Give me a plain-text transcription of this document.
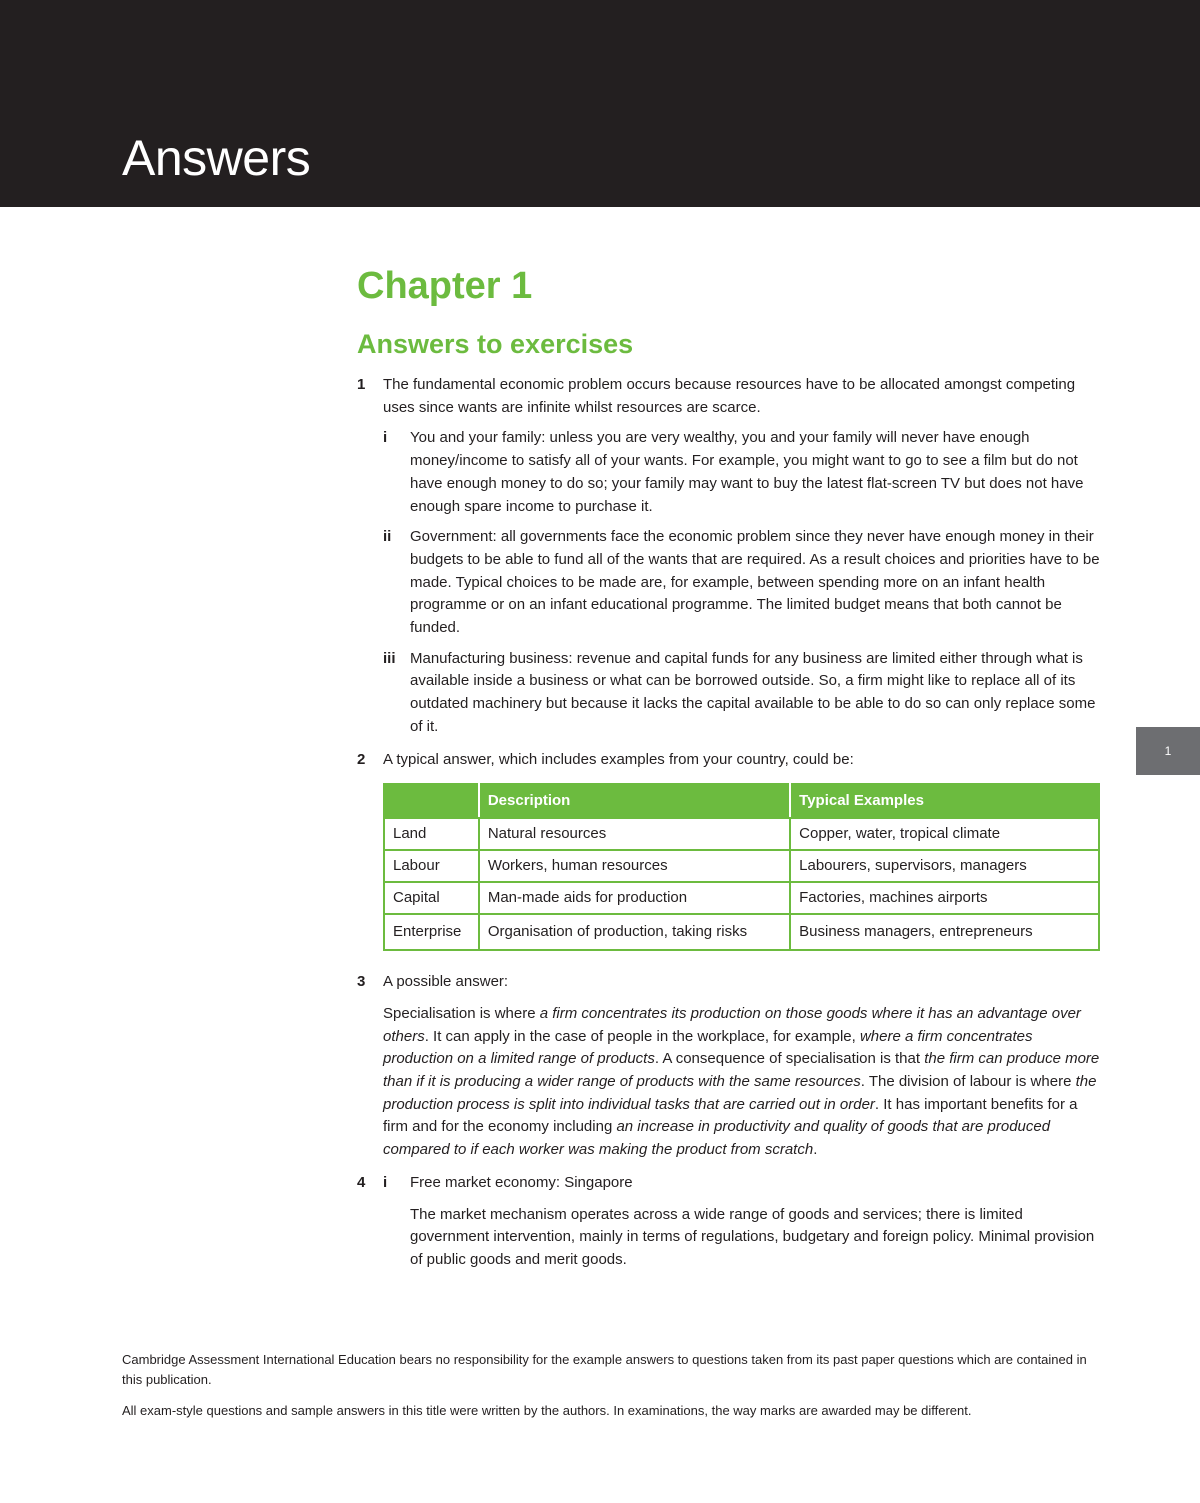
Answers
1
Chapter 1
Answers to exercises
1 The fundamental economic problem occurs because resources have to be allocated amongst competing uses since wants are infinite whilst resources are scarce.

i You and your family: unless you are very wealthy, you and your family will never have enough money/income to satisfy all of your wants. For example, you might want to go to see a film but do not have enough money to do so; your family may want to buy the latest flat-screen TV but does not have enough spare income to purchase it.

ii Government: all governments face the economic problem since they never have enough money in their budgets to be able to fund all of the wants that are required. As a result choices and priorities have to be made. Typical choices to be made are, for example, between spending more on an infant health programme or on an infant educational programme. The limited budget means that both cannot be funded.

iii Manufacturing business: revenue and capital funds for any business are limited either through what is available inside a business or what can be borrowed outside. So, a firm might like to replace all of its outdated machinery but because it lacks the capital available to be able to do so can only replace some of it.

2 A typical answer, which includes examples from your country, could be:

	Description	Typical Examples
Land	Natural resources	Copper, water, tropical climate
Labour	Workers, human resources	Labourers, supervisors, managers
Capital	Man-made aids for production	Factories, machines airports
Enterprise	Organisation of production, taking risks	Business managers, entrepreneurs
3 A possible answer:

Specialisation is where a firm concentrates its production on those goods where it has an advantage over others. It can apply in the case of people in the workplace, for example, where a firm concentrates production on a limited range of products. A consequence of specialisation is that the firm can produce more than if it is producing a wider range of products with the same resources. The division of labour is where the production process is split into individual tasks that are carried out in order. It has important benefits for a firm and for the economy including an increase in productivity and quality of goods that are produced compared to if each worker was making the product from scratch.

4 i Free market economy: Singapore

The market mechanism operates across a wide range of goods and services; there is limited government intervention, mainly in terms of regulations, budgetary and foreign policy. Minimal provision of public goods and merit goods.

Cambridge Assessment International Education bears no responsibility for the example answers to questions taken from its past paper questions which are contained in this publication.

All exam-style questions and sample answers in this title were written by the authors. In examinations, the way marks are awarded may be different.
